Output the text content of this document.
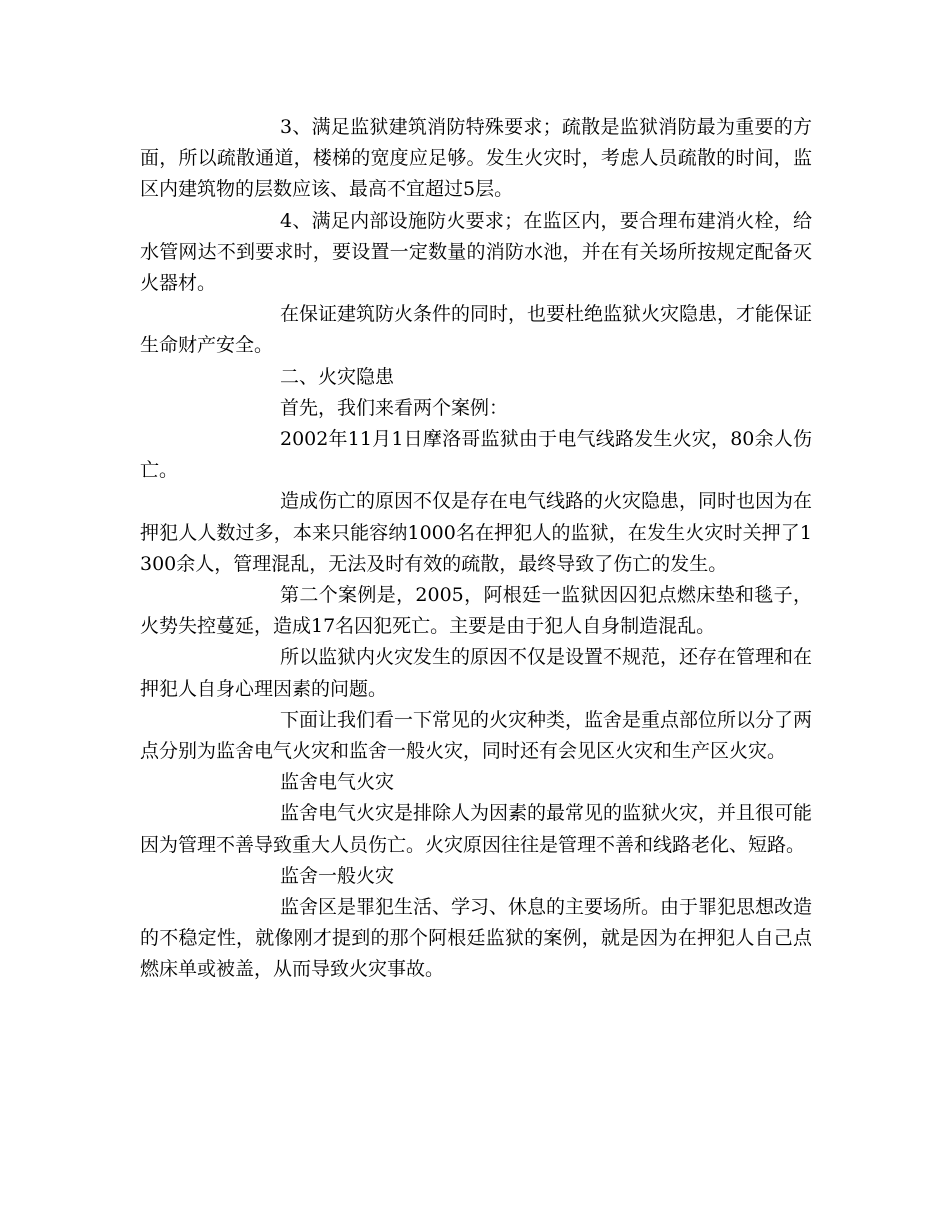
3、满足监狱建筑消防特殊要求；疏散是监狱消防最为重要的方面，所以疏散通道，楼梯的宽度应足够。发生火灾时，考虑人员疏散的时间，监区内建筑物的层数应该、最高不宜超过5层。

4、满足内部设施防火要求；在监区内，要合理布建消火栓，给水管网达不到要求时，要设置一定数量的消防水池，并在有关场所按规定配备灭火器材。

在保证建筑防火条件的同时，也要杜绝监狱火灾隐患，才能保证生命财产安全。

二、火灾隐患

首先，我们来看两个案例：

2002年11月1日摩洛哥监狱由于电气线路发生火灾，80余人伤亡。

造成伤亡的原因不仅是存在电气线路的火灾隐患，同时也因为在押犯人人数过多，本来只能容纳1000名在押犯人的监狱，在发生火灾时关押了1300余人，管理混乱，无法及时有效的疏散，最终导致了伤亡的发生。

第二个案例是，2005，阿根廷一监狱因囚犯点燃床垫和毯子，火势失控蔓延，造成17名囚犯死亡。主要是由于犯人自身制造混乱。

所以监狱内火灾发生的原因不仅是设置不规范，还存在管理和在押犯人自身心理因素的问题。

下面让我们看一下常见的火灾种类，监舍是重点部位所以分了两点分别为监舍电气火灾和监舍一般火灾，同时还有会见区火灾和生产区火灾。

监舍电气火灾

监舍电气火灾是排除人为因素的最常见的监狱火灾，并且很可能因为管理不善导致重大人员伤亡。火灾原因往往是管理不善和线路老化、短路。

监舍一般火灾

监舍区是罪犯生活、学习、休息的主要场所。由于罪犯思想改造的不稳定性，就像刚才提到的那个阿根廷监狱的案例，就是因为在押犯人自己点燃床单或被盖，从而导致火灾事故。
